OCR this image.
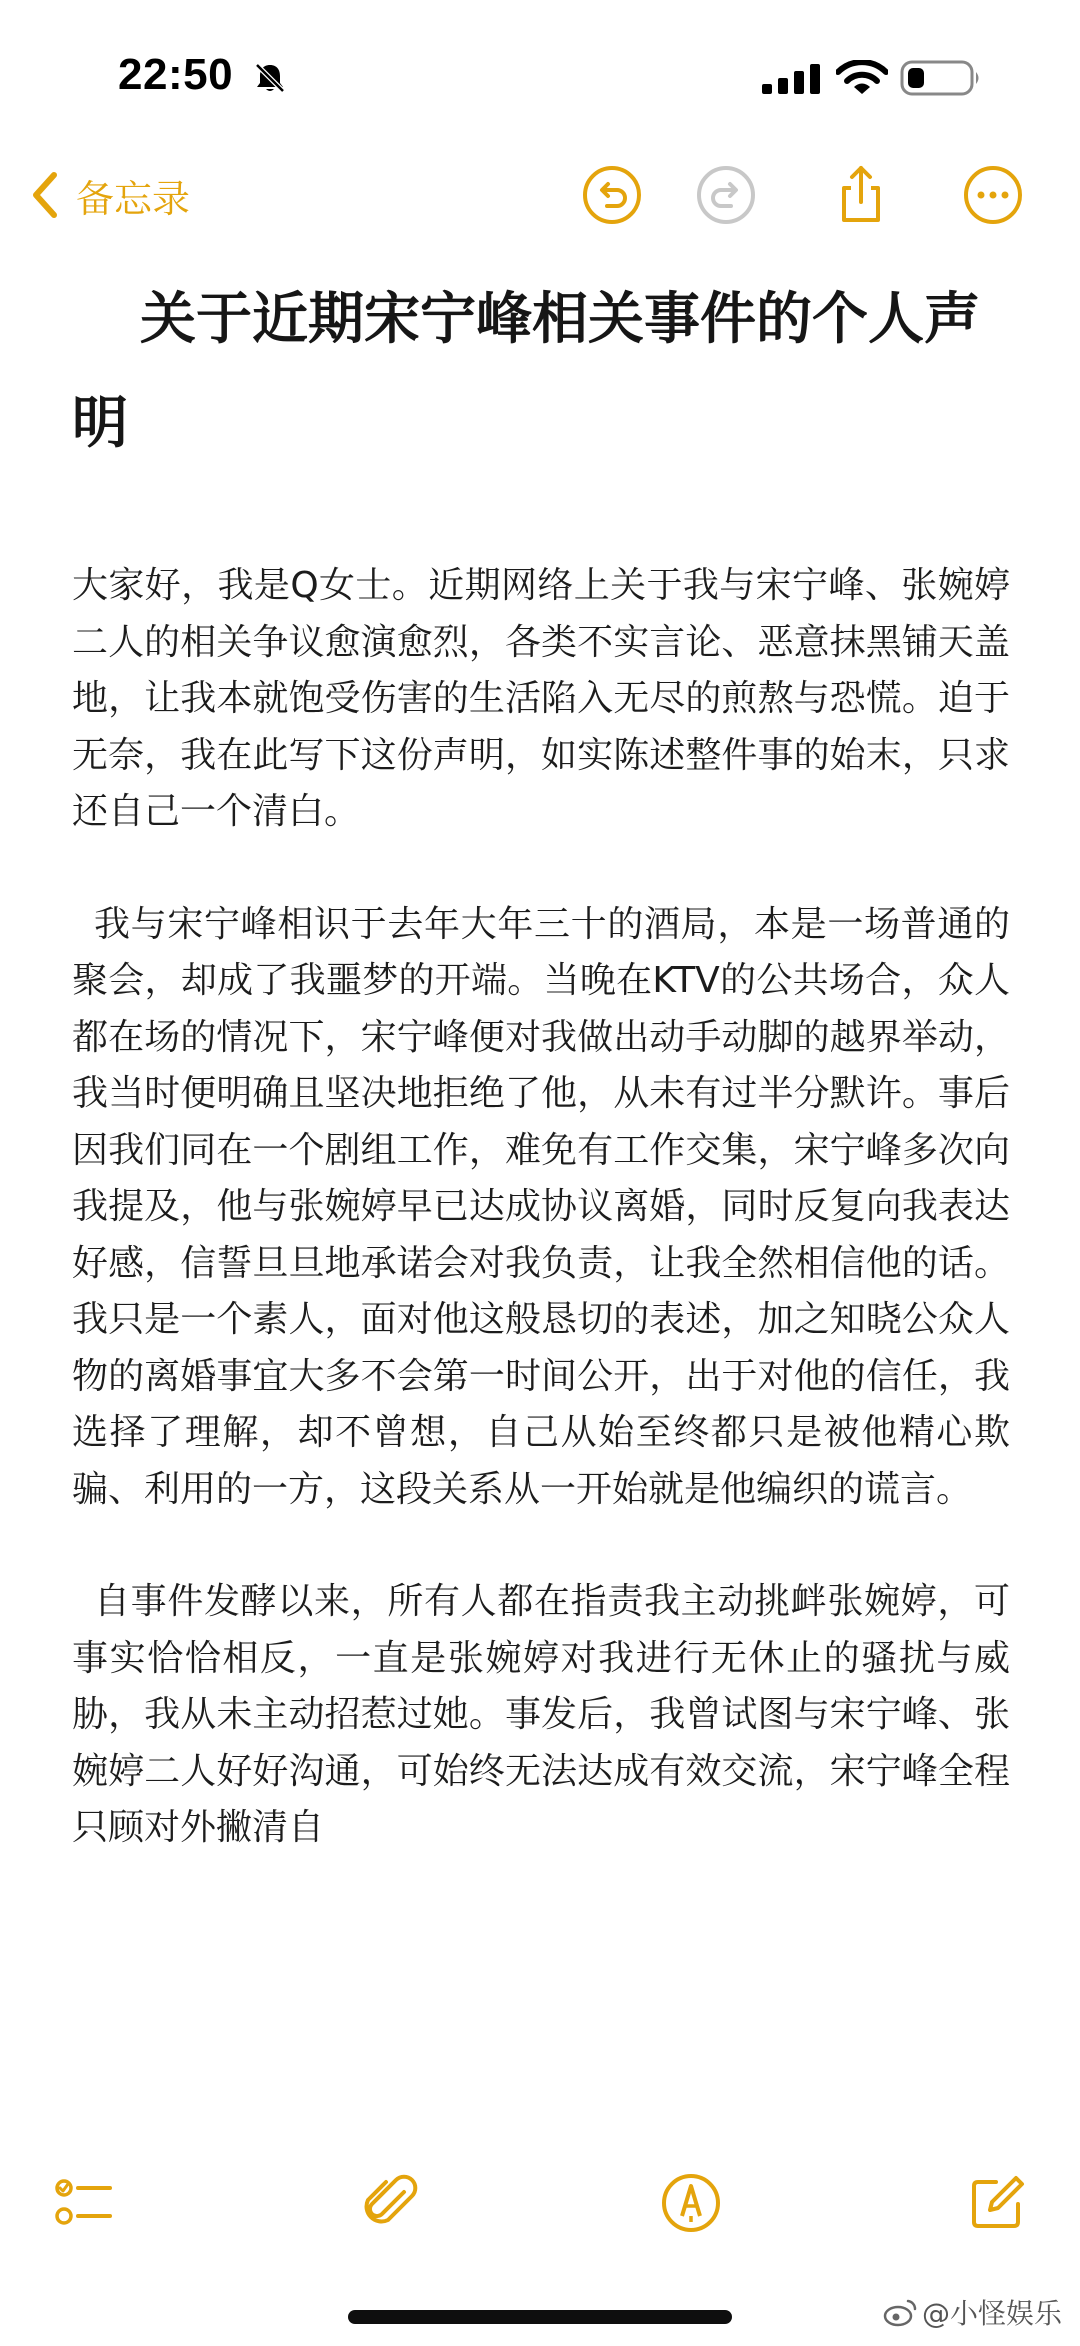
22:50
备忘录
关于近期宋宁峰相关事件的个人声明

大家好，我是Q女士。近期网络上关于我与宋宁峰、张婉婷二人的相关争议愈演愈烈，各类不实言论、恶意抹黑铺天盖地，让我本就饱受伤害的生活陷入无尽的煎熬与恐慌。迫于无奈，我在此写下这份声明，如实陈述整件事的始末，只求还自己一个清白。

我与宋宁峰相识于去年大年三十的酒局，本是一场普通的聚会，却成了我噩梦的开端。当晚在KTV的公共场合，众人都在场的情况下，宋宁峰便对我做出动手动脚的越界举动，我当时便明确且坚决地拒绝了他，从未有过半分默许。事后因我们同在一个剧组工作，难免有工作交集，宋宁峰多次向我提及，他与张婉婷早已达成协议离婚，同时反复向我表达好感，信誓旦旦地承诺会对我负责，让我全然相信他的话。我只是一个素人，面对他这般恳切的表述，加之知晓公众人物的离婚事宜大多不会第一时间公开，出于对他的信任，我选择了理解，却不曾想，自己从始至终都只是被他精心欺骗、利用的一方，这段关系从一开始就是他编织的谎言。

自事件发酵以来，所有人都在指责我主动挑衅张婉婷，可事实恰恰相反，一直是张婉婷对我进行无休止的骚扰与威胁，我从未主动招惹过她。事发后，我曾试图与宋宁峰、张婉婷二人好好沟通，可始终无法达成有效交流，宋宁峰全程只顾对外撇清自

@小怪娱乐
